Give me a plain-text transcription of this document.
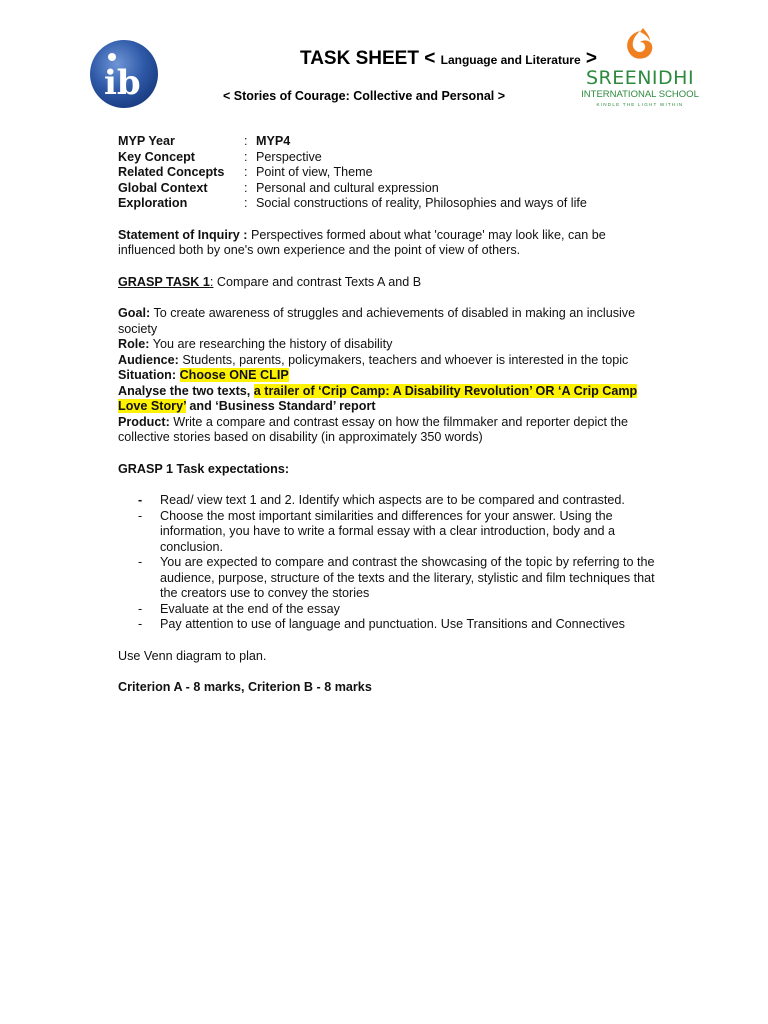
ib
TASK SHEET < Language and Literature >
< Stories of Courage: Collective and Personal >
SREENIDHI
INTERNATIONAL SCHOOL
KINDLE THE LIGHT WITHIN
MYP Year	: MYP4
Key Concept	: Perspective
Related Concepts	: Point of view, Theme
Global Context	: Personal and cultural expression
Exploration	: Social constructions of reality, Philosophies and ways of life

Statement of Inquiry : Perspectives formed about what 'courage' may look like, can be influenced both by one's own experience and the point of view of others.

GRASP TASK 1: Compare and contrast Texts A and B

Goal: To create awareness of struggles and achievements of disabled in making an inclusive society

Role: You are researching the history of disability

Audience: Students, parents, policymakers, teachers and whoever is interested in the topic

Situation: Choose ONE CLIP

Analyse the two texts, a trailer of ‘Crip Camp: A Disability Revolution’ OR ‘A Crip Camp Love Story’ and ‘Business Standard’ report

Product: Write a compare and contrast essay on how the filmmaker and reporter depict the collective stories based on disability (in approximately 350 words)

GRASP 1 Task expectations:

- Read/ view text 1 and 2. Identify which aspects are to be compared and contrasted.
- Choose the most important similarities and differences for your answer. Using the information, you have to write a formal essay with a clear introduction, body and a conclusion.
- You are expected to compare and contrast the showcasing of the topic by referring to the audience, purpose, structure of the texts and the literary, stylistic and film techniques that the creators use to convey the stories
- Evaluate at the end of the essay
- Pay attention to use of language and punctuation. Use Transitions and Connectives

Use Venn diagram to plan.

Criterion A - 8 marks, Criterion B - 8 marks
